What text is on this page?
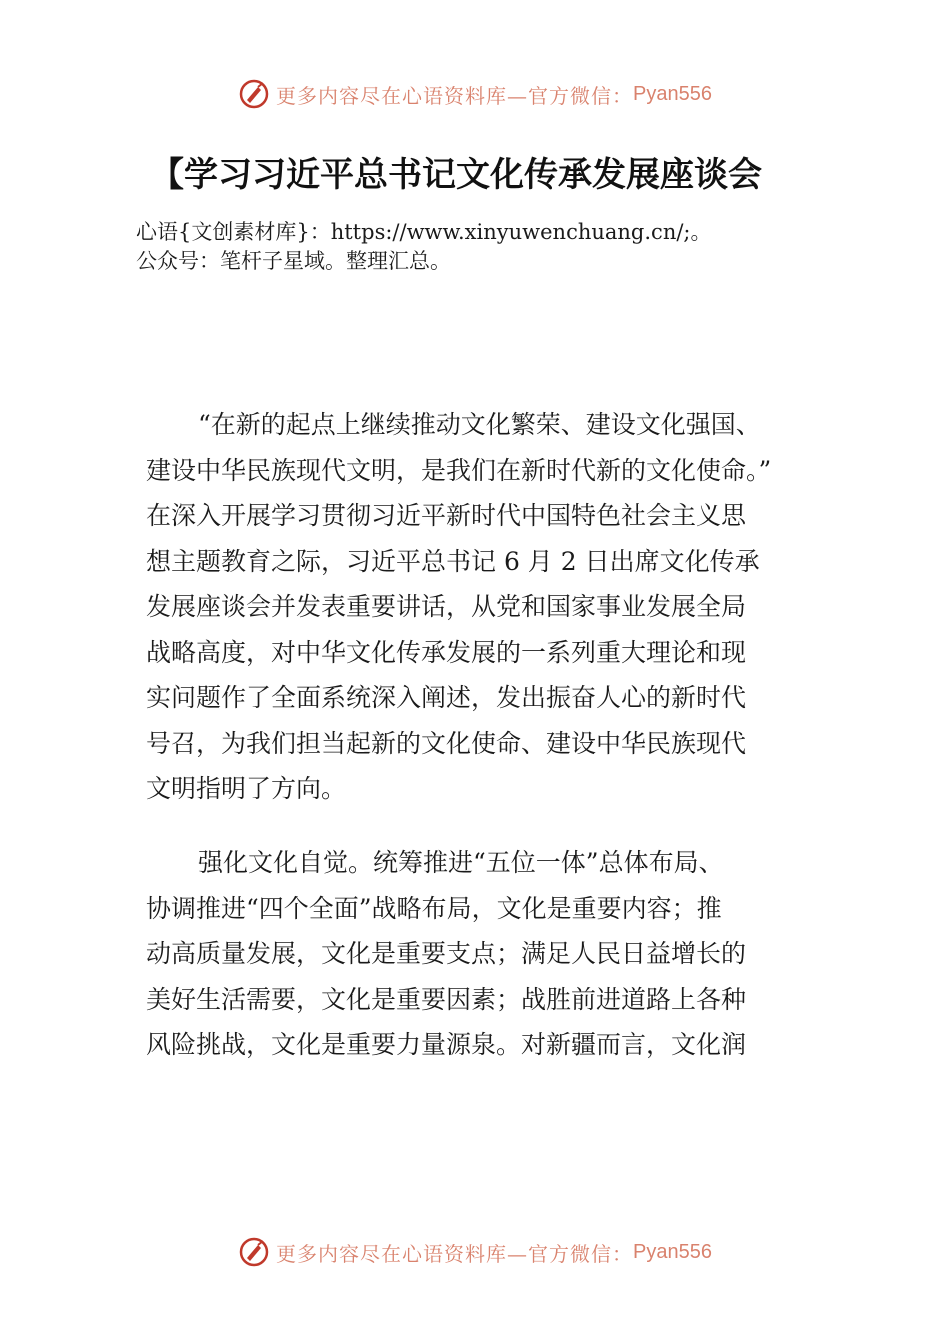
更多内容尽在心语资料库—官方微信： Pyan556
【学习习近平总书记文化传承发展座谈会
心语{文创素材库}：https://www.xinyuwenchuang.cn/;。
公众号：笔杆子星域。整理汇总。
“在新的起点上继续推动文化繁荣、建设文化强国、
建设中华民族现代文明，是我们在新时代新的文化使命。”
在深入开展学习贯彻习近平新时代中国特色社会主义思
想主题教育之际，习近平总书记 6 月 2 日出席文化传承
发展座谈会并发表重要讲话，从党和国家事业发展全局
战略高度，对中华文化传承发展的一系列重大理论和现
实问题作了全面系统深入阐述，发出振奋人心的新时代
号召，为我们担当起新的文化使命、建设中华民族现代
文明指明了方向。
强化文化自觉。统筹推进“五位一体”总体布局、
协调推进“四个全面”战略布局，文化是重要内容；推
动高质量发展，文化是重要支点；满足人民日益增长的
美好生活需要，文化是重要因素；战胜前进道路上各种
风险挑战，文化是重要力量源泉。对新疆而言，文化润
更多内容尽在心语资料库—官方微信： Pyan556
